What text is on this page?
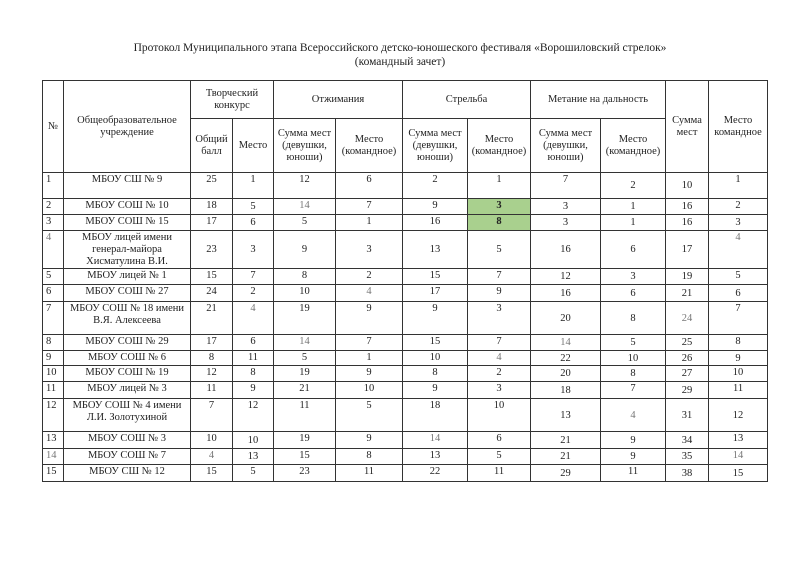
Протокол Муниципального этапа Всероссийского детско-юношеского фестиваля «Ворошиловский стрелок»
(командный зачет)
№	Общеобразовательное учреждение	Творческий конкурс		Отжимания		Стрельба		Метание на дальность		Сумма мест	Место командное
		Общий балл	Место	Сумма мест (девушки, юноши)	Место (командное)	Сумма мест (девушки, юноши)	Место (командное)	Сумма мест (девушки, юноши)	Место (командное)		
1	МБОУ СШ № 9	25	1	12	6	2	1	7	2	10	1
2	МБОУ СОШ № 10	18	5	14	7	9	3	3	1	16	2
3	МБОУ СОШ № 15	17	6	5	1	16	8	3	1	16	3
4	МБОУ лицей имени генерал-майора Хисматулина В.И.	23	3	9	3	13	5	16	6	17	4
5	МБОУ лицей № 1	15	7	8	2	15	7	12	3	19	5
6	МБОУ СОШ № 27	24	2	10	4	17	9	16	6	21	6
7	МБОУ СОШ № 18 имени В.Я. Алексеева	21	4	19	9	9	3	20	8	24	7
8	МБОУ СОШ № 29	17	6	14	7	15	7	14	5	25	8
9	МБОУ СОШ № 6	8	11	5	1	10	4	22	10	26	9
10	МБОУ СОШ № 19	12	8	19	9	8	2	20	8	27	10
11	МБОУ лицей № 3	11	9	21	10	9	3	18	7	29	11
12	МБОУ СОШ № 4 имени Л.И. Золотухиной	7	12	11	5	18	10	13	4	31	12
13	МБОУ СОШ № 3	10	10	19	9	14	6	21	9	34	13
14	МБОУ СОШ № 7	4	13	15	8	13	5	21	9	35	14
15	МБОУ СШ № 12	15	5	23	11	22	11	29	11	38	15
